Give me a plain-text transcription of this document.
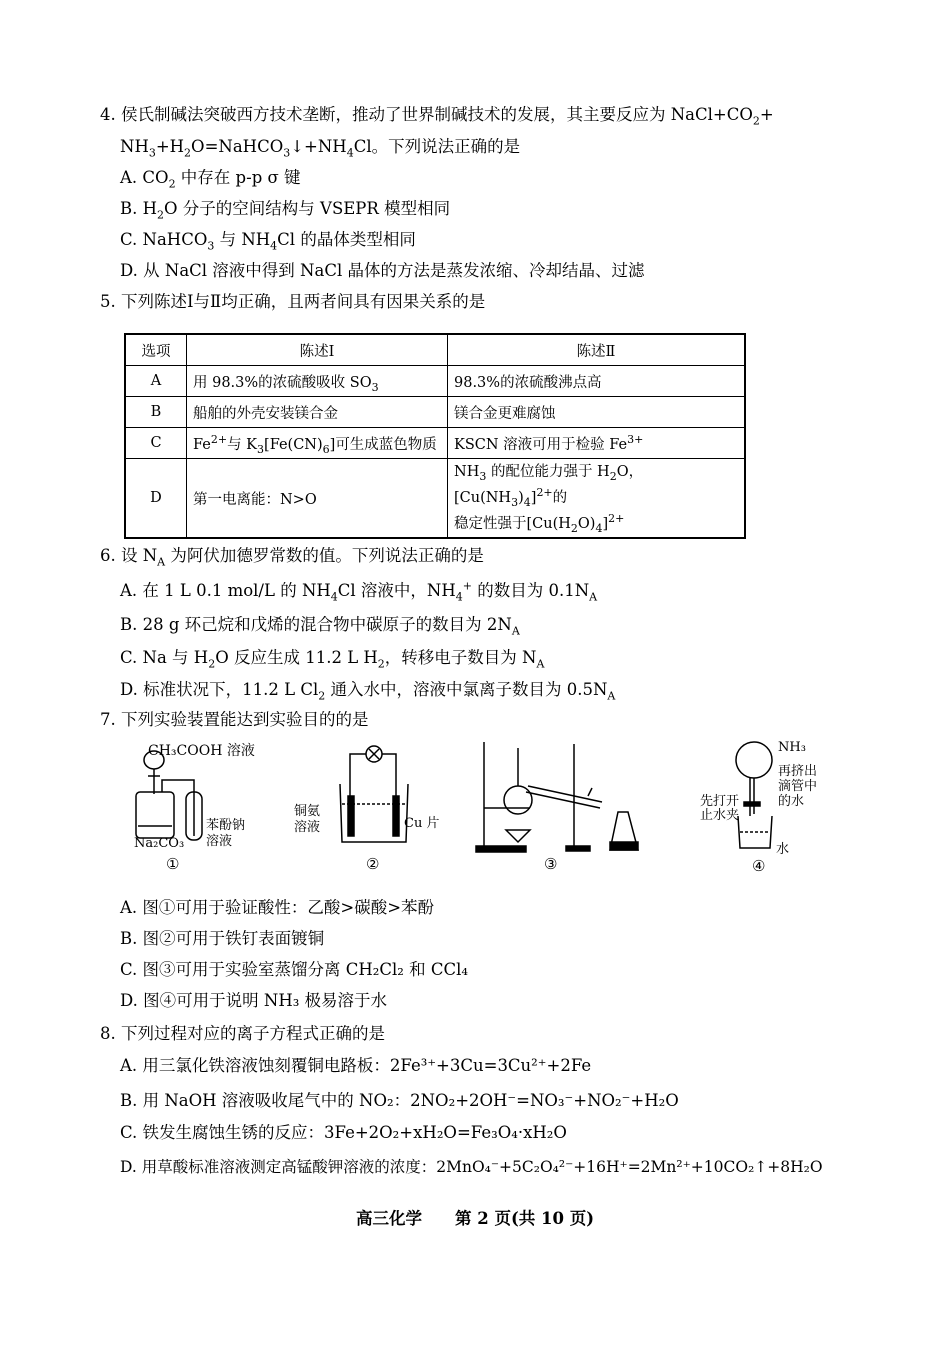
4. 侯氏制碱法突破西方技术垄断，推动了世界制碱技术的发展，其主要反应为 $NaCl+CO_2+$
$NH_3+H_2O=NaHCO_3↓+NH_4Cl$。下列说法正确的是
A. $CO_2$ 中存在 p-p σ 键
B. $H_2O$ 分子的空间结构与 VSEPR 模型相同
C. NaHCO$_3$ 与 $NH_4Cl$ 的晶体类型相同
D. 从 NaCl 溶液中得到 NaCl 晶体的方法是蒸发浓缩、冷却结晶、过滤
5. 下列陈述Ⅰ与Ⅱ均正确，且两者间具有因果关系的是
选项	陈述Ⅰ	陈述Ⅱ
A	用 98.3%的浓硫酸吸收 $SO_3$	98.3%的浓硫酸沸点高
B	船舶的外壳安装镁合金	镁合金更难腐蚀
C	$Fe^{2+}$与 $K_3[Fe(CN)_6]$可生成蓝色物质	KSCN 溶液可用于检验 $Fe^{3+}$
D	第一电离能：N>O	$NH_3$ 的配位能力强于 $H_2O$，$[Cu(NH_3)_4]^{2+}$的
稳定性强于$[Cu(H_2O)_4]^{2+}$
6. 设 $N_A$ 为阿伏加德罗常数的值。下列说法正确的是
A. 在 1 L 0.1 mol/L 的 $NH_4Cl$ 溶液中，$NH_4^+$ 的数目为 $0.1N_A$
B. 28 g 环己烷和戊烯的混合物中碳原子的数目为 $2N_A$
C. Na 与 $H_2O$ 反应生成 11.2 L $H_2$，转移电子数目为 $N_A$
D. 标准状况下，11.2 L $Cl_2$ 通入水中，溶液中氯离子数目为 $0.5N_A$
7. 下列实验装置能达到实验目的的是
CH₃COOH 溶液
苯酚钠
溶液
Na₂CO₃
①
铜氨
溶液	Cu 片
②	③
NH₃
再挤出
滴管中
的水
先打开
止水夹
水
④
A. 图①可用于验证酸性：乙酸>碳酸>苯酚
B. 图②可用于铁钉表面镀铜
C. 图③可用于实验室蒸馏分离 CH₂Cl₂ 和 CCl₄
D. 图④可用于说明 NH₃ 极易溶于水
8. 下列过程对应的离子方程式正确的是
A. 用三氯化铁溶液蚀刻覆铜电路板：2Fe³⁺+3Cu=3Cu²⁺+2Fe
B. 用 NaOH 溶液吸收尾气中的 NO₂：2NO₂+2OH⁻=NO₃⁻+NO₂⁻+H₂O
C. 铁发生腐蚀生锈的反应：3Fe+2O₂+xH₂O=Fe₃O₄·xH₂O
D. 用草酸标准溶液测定高锰酸钾溶液的浓度：2MnO₄⁻+5C₂O₄²⁻+16H⁺=2Mn²⁺+10CO₂↑+8H₂O
高三化学　　第 2 页(共 10 页)
